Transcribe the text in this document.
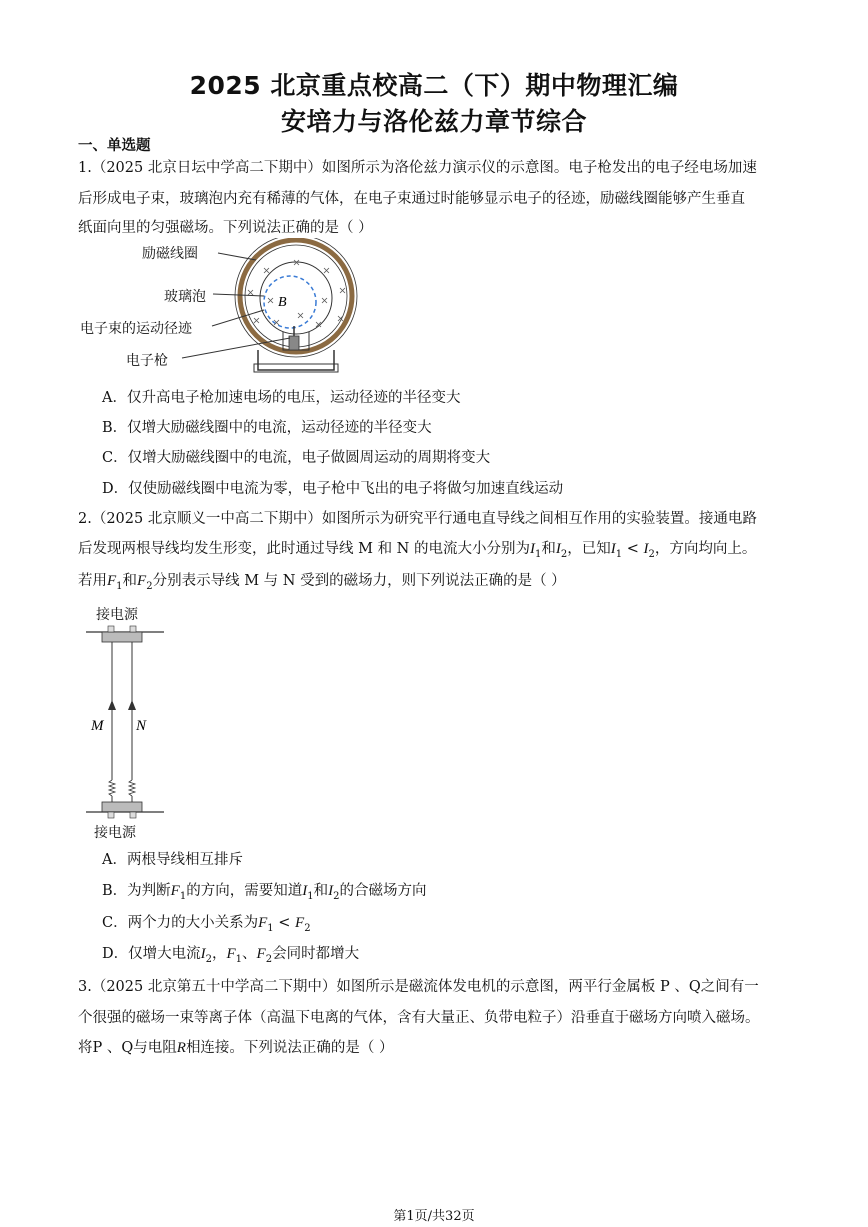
2025 北京重点校高二（下）期中物理汇编
安培力与洛伦兹力章节综合
一、单选题
1.（2025 北京日坛中学高二下期中）如图所示为洛伦兹力演示仪的示意图。电子枪发出的电子经电场加速
后形成电子束，玻璃泡内充有稀薄的气体，在电子束通过时能够显示电子的径迹，励磁线圈能够产生垂直
纸面向里的匀强磁场。下列说法正确的是（ ）
B
励磁线圈
玻璃泡
电子束的运动径迹
电子枪
A．仅升高电子枪加速电场的电压，运动径迹的半径变大
B．仅增大励磁线圈中的电流，运动径迹的半径变大
C．仅增大励磁线圈中的电流，电子做圆周运动的周期将变大
D．仅使励磁线圈中电流为零，电子枪中飞出的电子将做匀加速直线运动
2.（2025 北京顺义一中高二下期中）如图所示为研究平行通电直导线之间相互作用的实验装置。接通电路
后发现两根导线均发生形变，此时通过导线 M 和 N 的电流大小分别为$I_1$和$I_2$，已知$I_1 < I_2$，方向均向上。
若用$F_1$和$F_2$分别表示导线 M 与 N 受到的磁场力，则下列说法正确的是（ ）
M N
接电源
接电源
A．两根导线相互排斥
B．为判断$F_1$的方向，需要知道$I_1$和$I_2$的合磁场方向
C．两个力的大小关系为$F_1 < F_2$
D．仅增大电流$I_2$，$F_1$、$F_2$会同时都增大
3.（2025 北京第五十中学高二下期中）如图所示是磁流体发电机的示意图，两平行金属板 P 、Q之间有一
个很强的磁场一束等离子体（高温下电离的气体，含有大量正、负带电粒子）沿垂直于磁场方向喷入磁场。
将P 、Q与电阻R相连接。下列说法正确的是（ ）
第1页/共32页
